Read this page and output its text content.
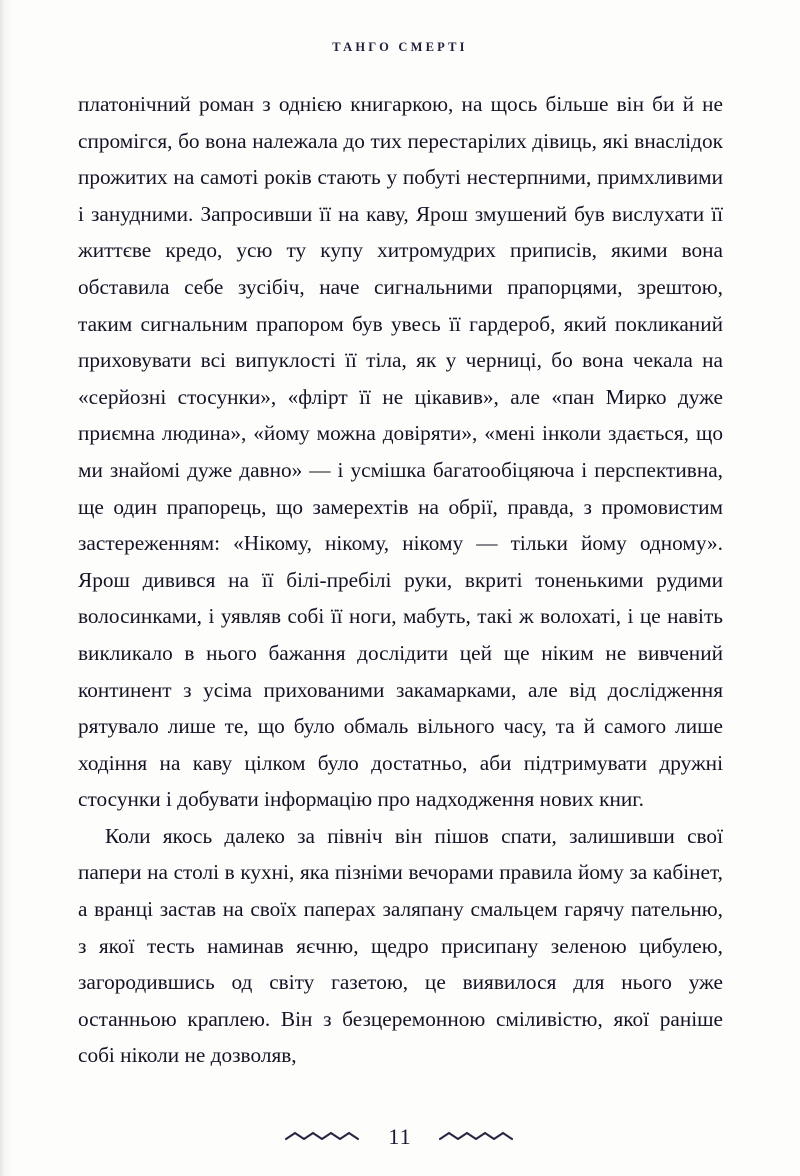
ТАНГО СМЕРТІ

платонічний роман з однією книгаркою, на щось більше він би й не спромігся, бо вона належала до тих перестарілих дівиць, які внаслідок прожитих на самоті років стають у побуті нестерпними, примхливими і занудними. Запросивши її на каву, Ярош змушений був вислухати її життєве кредо, усю ту купу хитромудрих приписів, якими вона обставила себе зусібіч, наче сигнальними прапорцями, зрештою, таким сигнальним прапором був увесь її гардероб, який покликаний приховувати всі випуклості її тіла, як у черниці, бо вона чекала на «серйозні стосунки», «флірт її не цікавив», але «пан Мирко дуже приємна людина», «йому можна довіряти», «мені інколи здається, що ми знайомі дуже давно» — і усмішка багатообіцяюча і перспективна, ще один прапорець, що замерехтів на обрії, правда, з промовистим застереженням: «Нікому, нікому, нікому — тільки йому одному». Ярош дивився на її білі-пребілі руки, вкриті тоненькими рудими волосинками, і уявляв собі її ноги, мабуть, такі ж волохаті, і це навіть викликало в нього бажання дослідити цей ще ніким не вивчений континент з усіма прихованими закамарками, але від дослідження рятувало лише те, що було обмаль вільного часу, та й самого лише ходіння на каву цілком було достатньо, аби підтримувати дружні стосунки і добувати інформацію про надходження нових книг.

Коли якось далеко за північ він пішов спати, залишивши свої папери на столі в кухні, яка пізніми вечорами правила йому за кабінет, а вранці застав на своїх паперах заляпану смальцем гарячу пательню, з якої тесть наминав яєчню, щедро присипану зеленою цибулею, загородившись од світу газетою, це виявилося для нього уже останньою краплею. Він з безцеремонною сміливістю, якої раніше собі ніколи не дозволяв,

11
